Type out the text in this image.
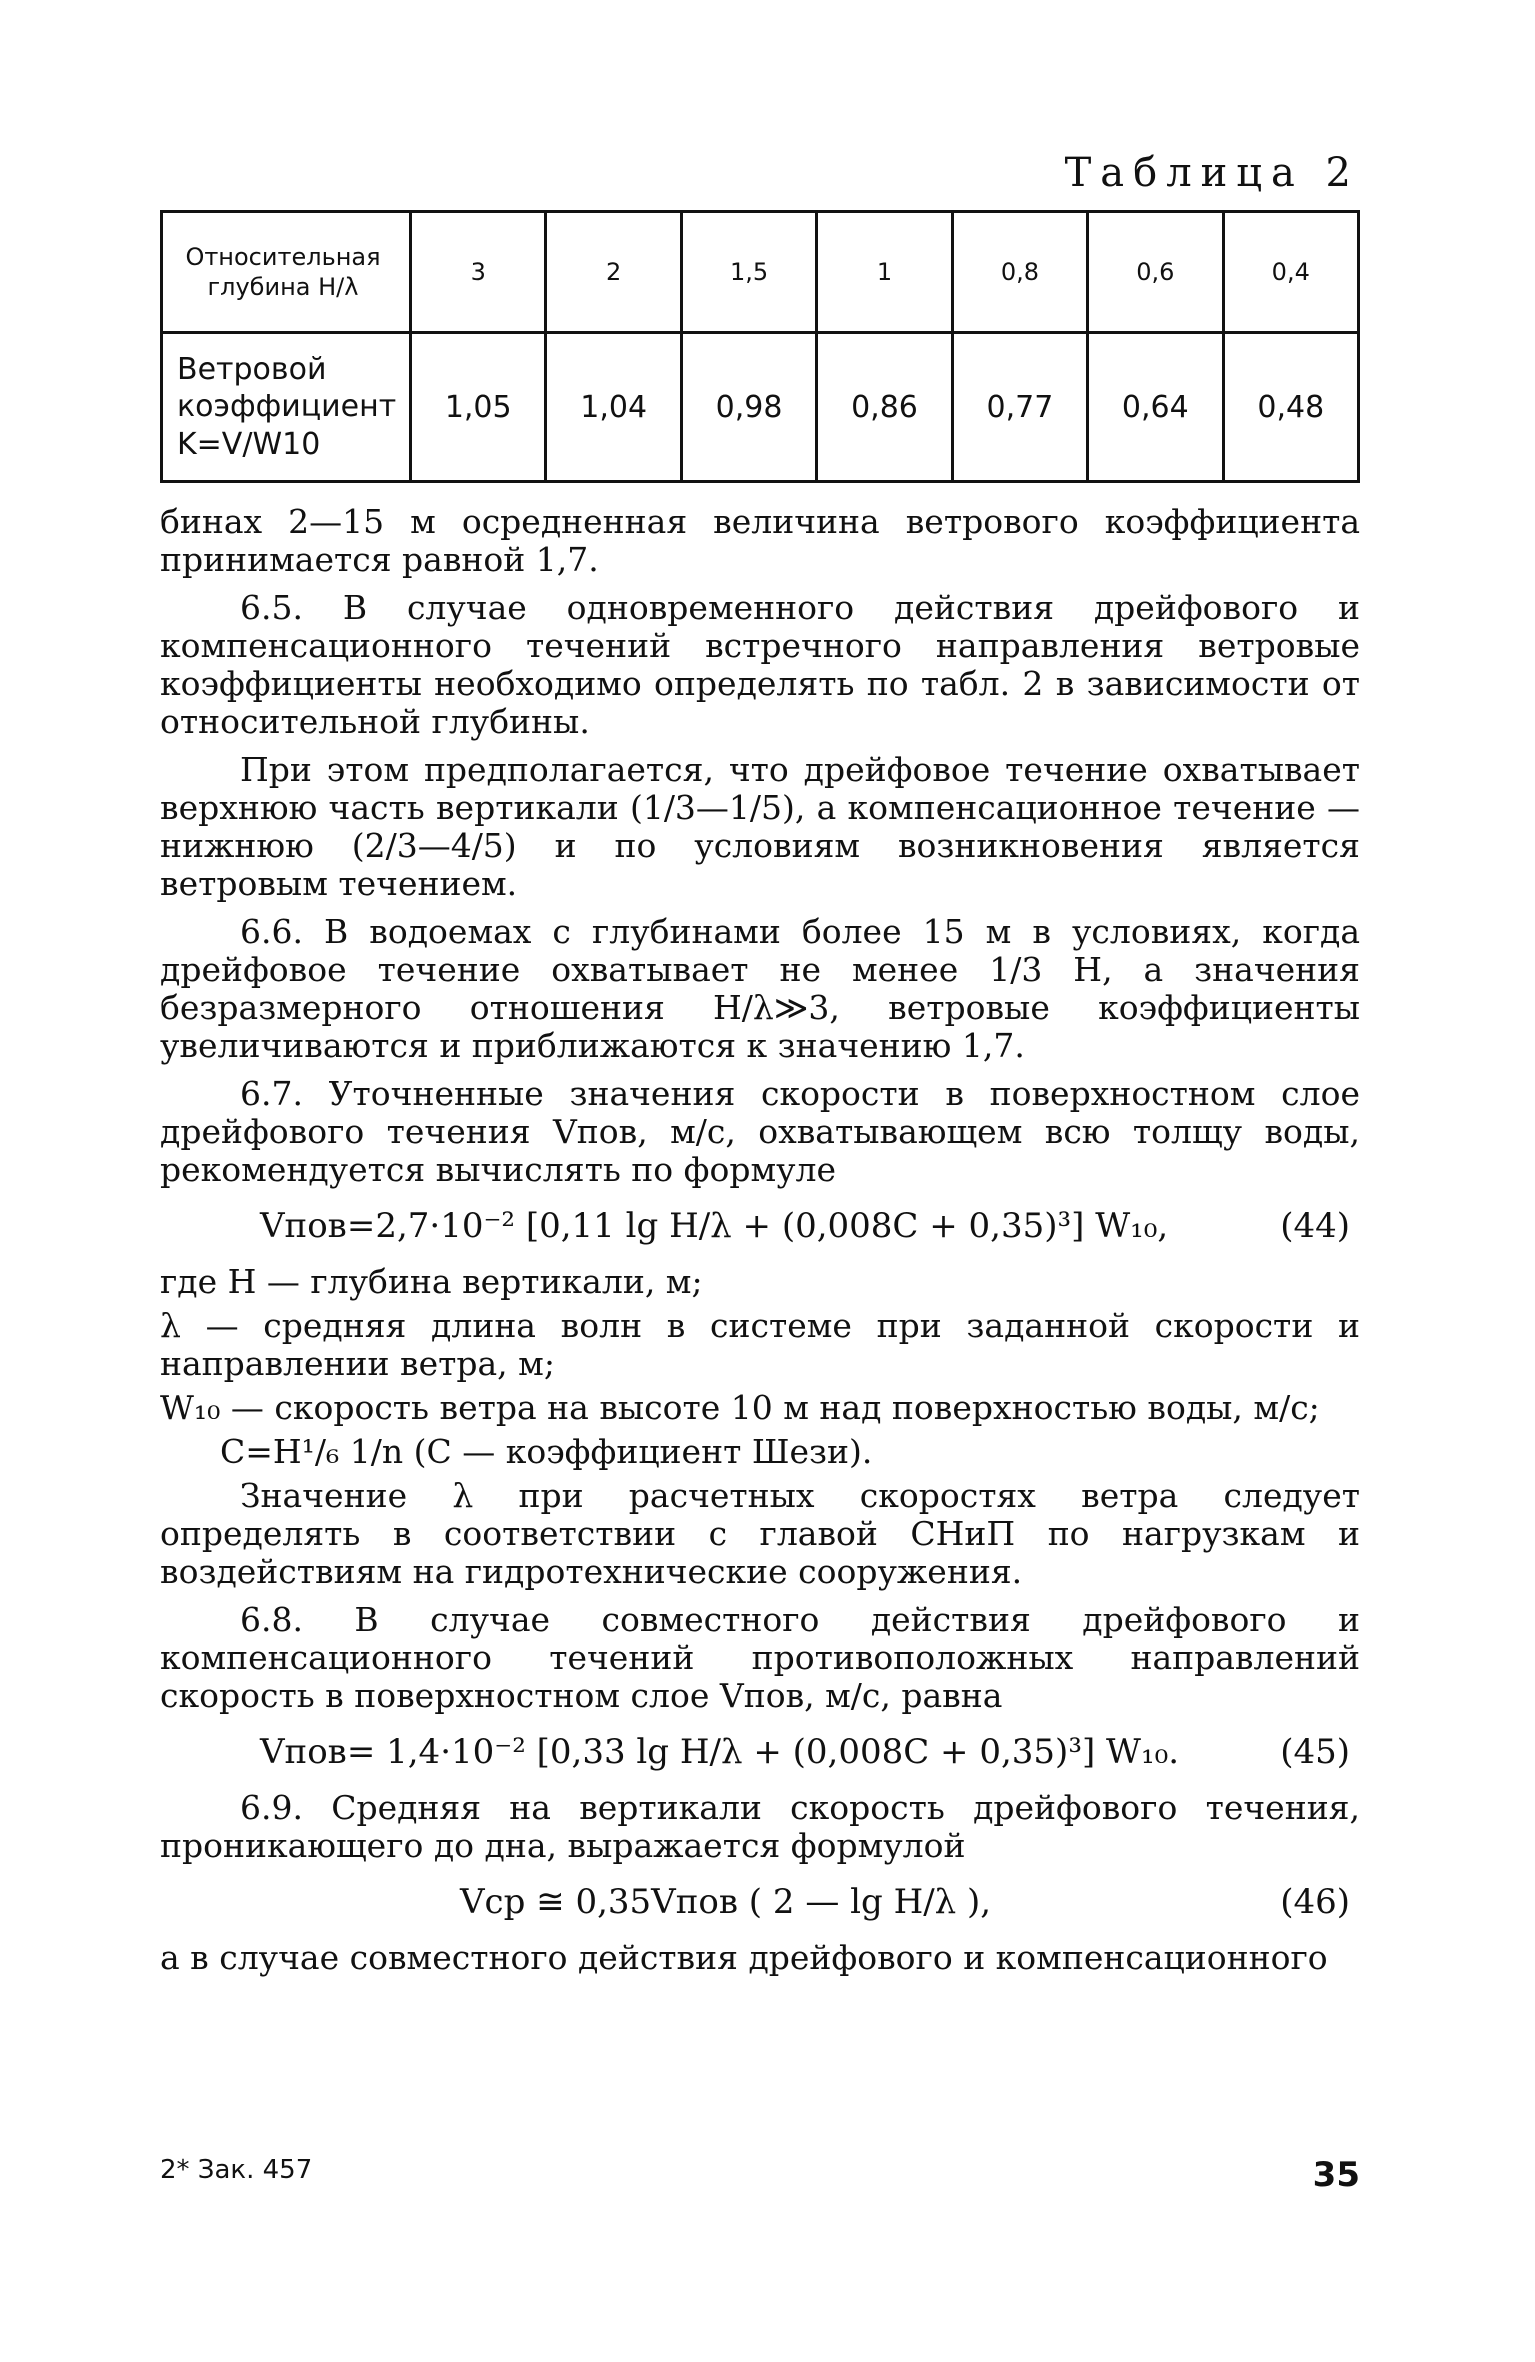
Таблица 2
Относительная глубина H/λ	3	2	1,5	1	0,8	0,6	0,4
Ветровой коэффициент K=V/W10	1,05	1,04	0,98	0,86	0,77	0,64	0,48

бинах 2—15 м осредненная величина ветрового коэффициента принимается равной 1,7.

6.5. В случае одновременного действия дрейфового и компенсационного течений встречного направления ветровые коэффициенты необходимо определять по табл. 2 в зависимости от относительной глубины.

При этом предполагается, что дрейфовое течение охватывает верхнюю часть вертикали (1/3—1/5), а компенсационное течение — нижнюю (2/3—4/5) и по условиям возникновения является ветровым течением.

6.6. В водоемах с глубинами более 15 м в условиях, когда дрейфовое течение охватывает не менее 1/3 H, а значения безразмерного отношения H/λ≫3, ветровые коэффициенты увеличиваются и приближаются к значению 1,7.

6.7. Уточненные значения скорости в поверхностном слое дрейфового течения Vпов, м/с, охватывающем всю толщу воды, рекомендуется вычислять по формуле

Vпов=2,7·10⁻² [0,11 lg H/λ + (0,008C + 0,35)³] W₁₀,	(44)

где H — глубина вертикали, м;

λ — средняя длина волн в системе при заданной скорости и направлении ветра, м;

W₁₀ — скорость ветра на высоте 10 м над поверхностью воды, м/с;

C=H¹/₆ 1/n (C — коэффициент Шези).

Значение λ при расчетных скоростях ветра следует определять в соответствии с главой СНиП по нагрузкам и воздействиям на гидротехнические сооружения.

6.8. В случае совместного действия дрейфового и компенсационного течений противоположных направлений скорость в поверхностном слое Vпов, м/с, равна

Vпов= 1,4·10⁻² [0,33 lg H/λ + (0,008C + 0,35)³] W₁₀.	(45)

6.9. Средняя на вертикали скорость дрейфового течения, проникающего до дна, выражается формулой

Vср ≅ 0,35Vпов ( 2 — lg H/λ ),	(46)

а в случае совместного действия дрейфового и компенсационного

2* Зак. 457	35
